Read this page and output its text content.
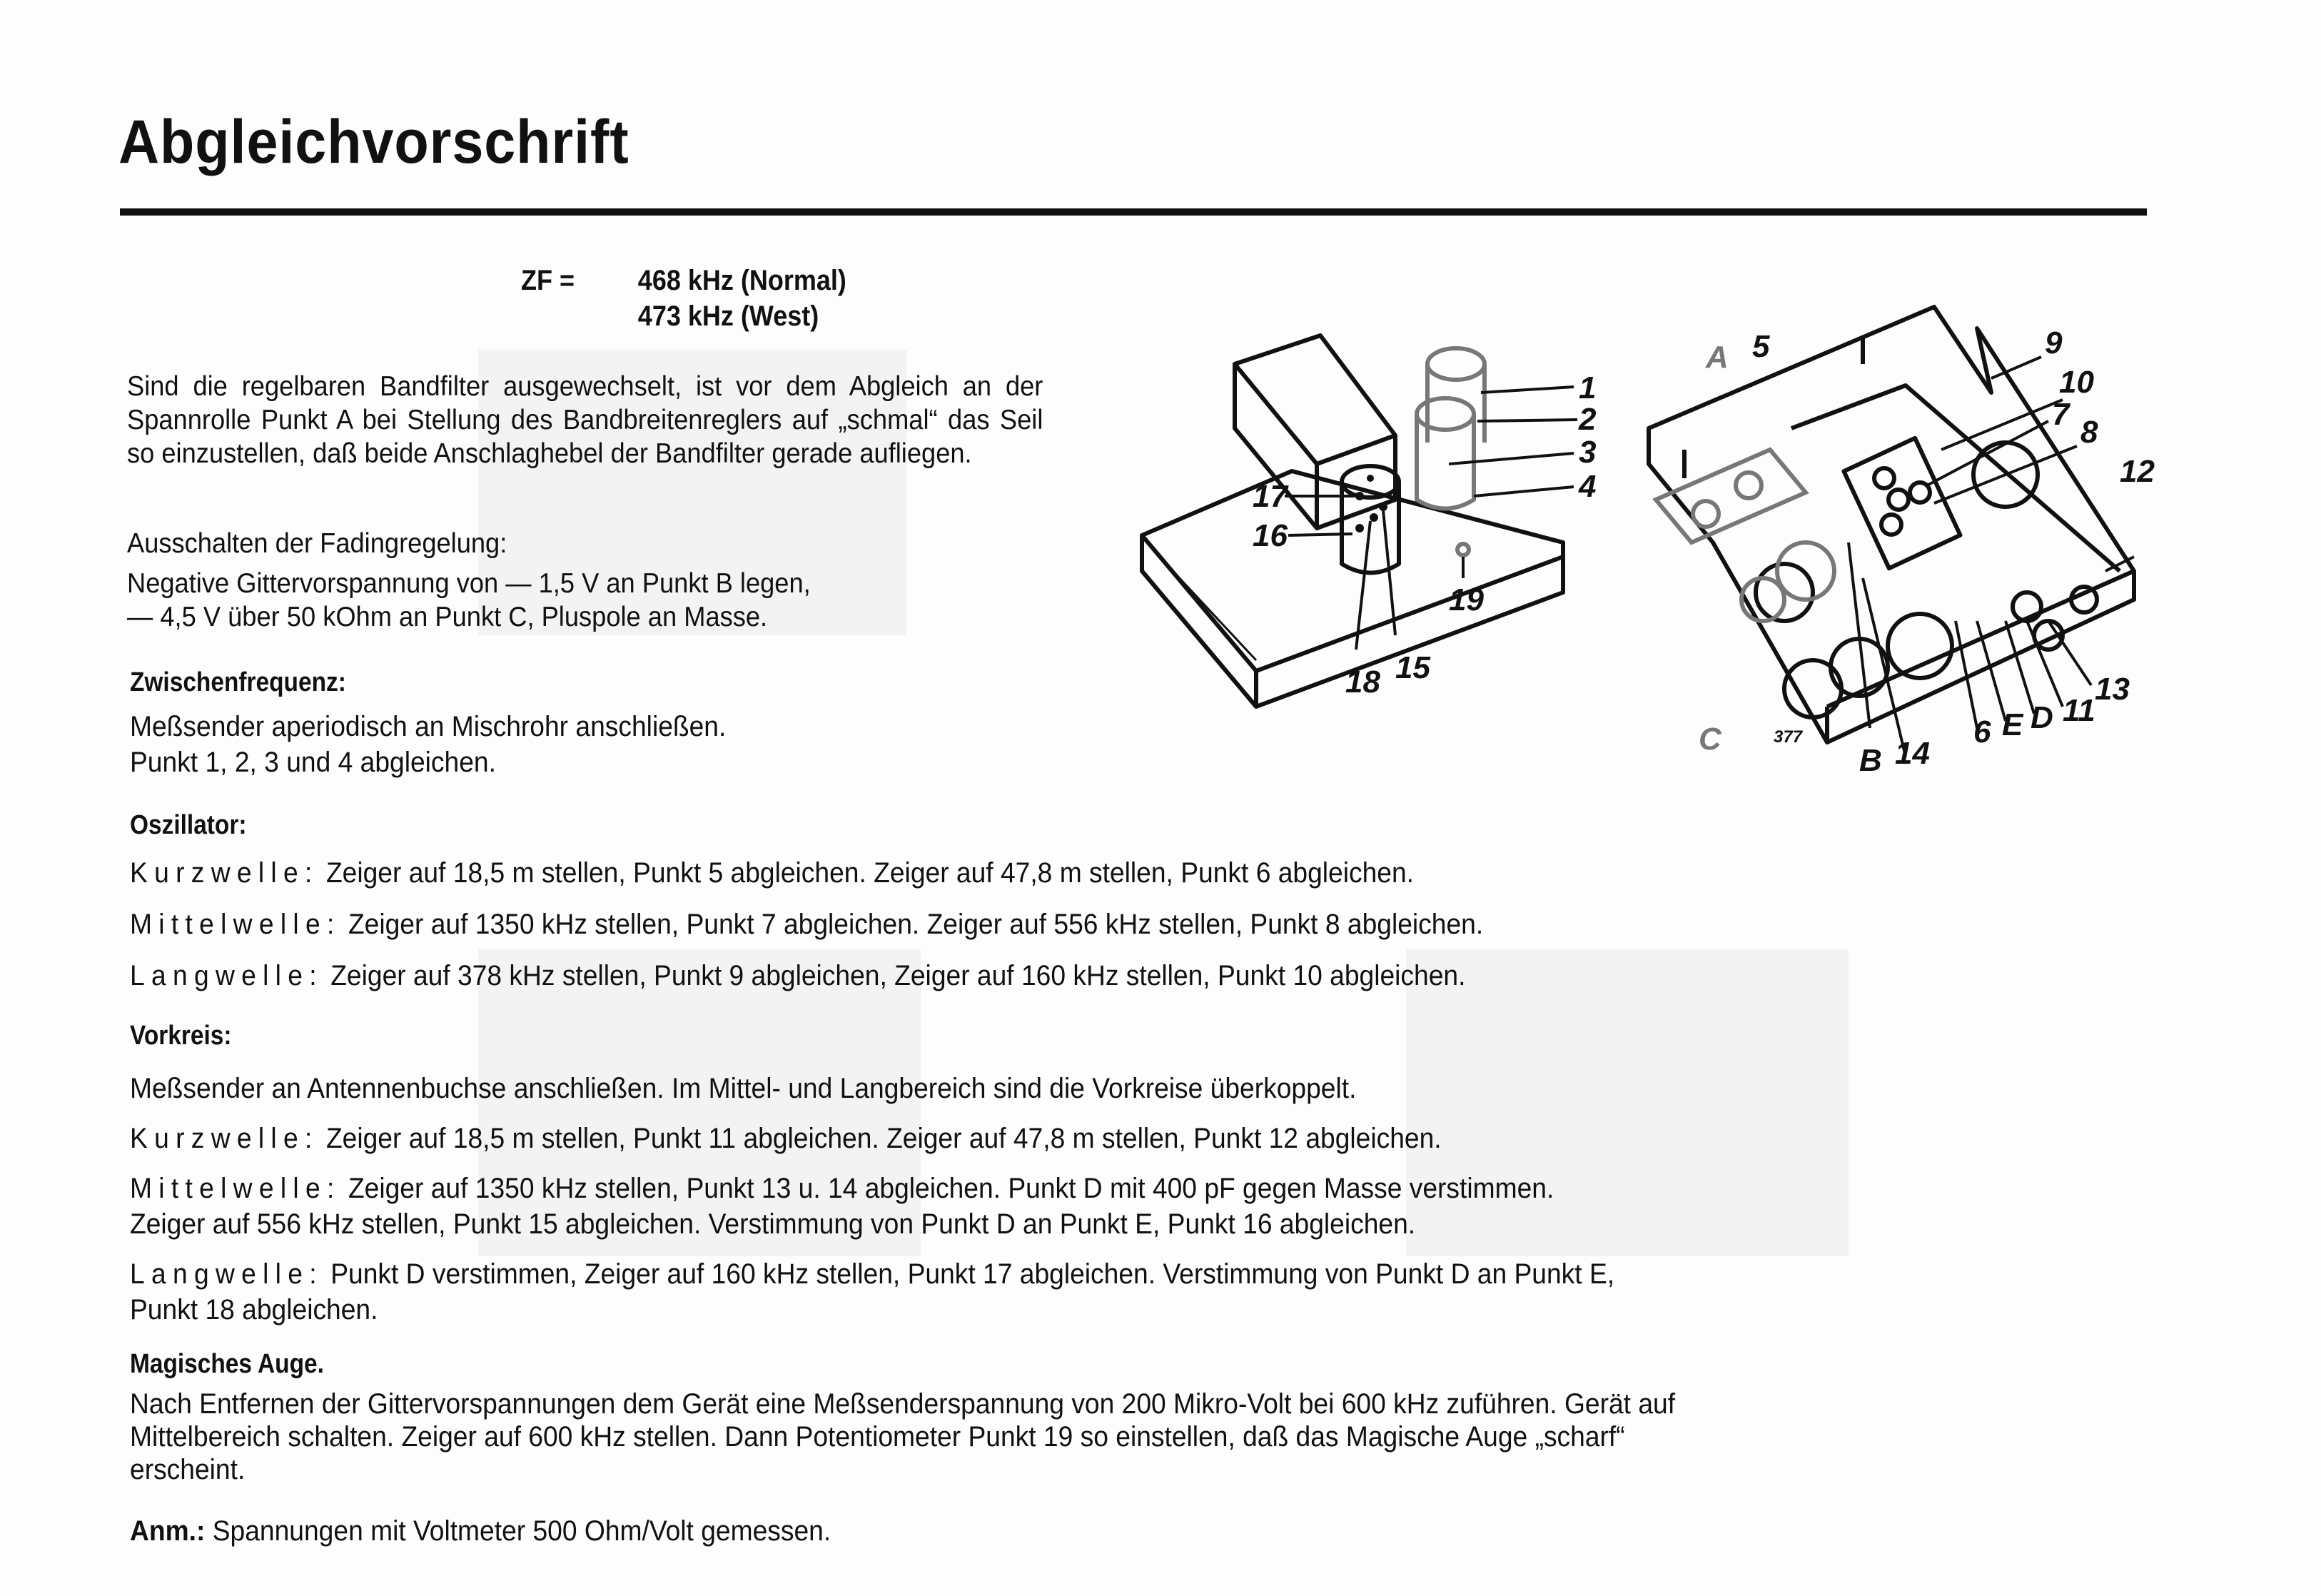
Abgleichvorschrift
ZF =	468 kHz (Normal)
473 kHz (West)
Sind die regelbaren Bandfilter ausgewechselt, ist vor dem Abgleich an der Spannrolle Punkt A bei Stellung des Bandbreitenreglers auf „schmal“ das Seil so einzustellen, daß beide Anschlaghebel der Bandfilter gerade aufliegen.
Ausschalten der Fadingregelung:
Negative Gittervorspannung von — 1,5 V an Punkt B legen,
— 4,5 V über 50 kOhm an Punkt C, Pluspole an Masse.
Zwischenfrequenz:
Meßsender aperiodisch an Mischrohr anschließen.
Punkt 1, 2, 3 und 4 abgleichen.
Oszillator:
Kurzwelle: Zeiger auf 18,5 m stellen, Punkt 5 abgleichen. Zeiger auf 47,8 m stellen, Punkt 6 abgleichen.
Mittelwelle: Zeiger auf 1350 kHz stellen, Punkt 7 abgleichen. Zeiger auf 556 kHz stellen, Punkt 8 abgleichen.
Langwelle: Zeiger auf 378 kHz stellen, Punkt 9 abgleichen, Zeiger auf 160 kHz stellen, Punkt 10 abgleichen.
Vorkreis:
Meßsender an Antennenbuchse anschließen. Im Mittel- und Langbereich sind die Vorkreise überkoppelt.
Kurzwelle: Zeiger auf 18,5 m stellen, Punkt 11 abgleichen. Zeiger auf 47,8 m stellen, Punkt 12 abgleichen.
Mittelwelle: Zeiger auf 1350 kHz stellen, Punkt 13 u. 14 abgleichen. Punkt D mit 400 pF gegen Masse verstimmen.
Zeiger auf 556 kHz stellen, Punkt 15 abgleichen. Verstimmung von Punkt D an Punkt E, Punkt 16 abgleichen.
Langwelle: Punkt D verstimmen, Zeiger auf 160 kHz stellen, Punkt 17 abgleichen. Verstimmung von Punkt D an Punkt E,
Punkt 18 abgleichen.
Magisches Auge.
Nach Entfernen der Gittervorspannungen dem Gerät eine Meßsenderspannung von 200 Mikro-Volt bei 600 kHz zuführen. Gerät auf
Mittelbereich schalten. Zeiger auf 600 kHz stellen. Dann Potentiometer Punkt 19 so einstellen, daß das Magische Auge „scharf“
erscheint.
Anm.: Spannungen mit Voltmeter 500 Ohm/Volt gemessen.
1
2
3
4
15
16
17
18
19
A
C
5	9
10
7
8
12
13
11
D
E
6
14
B
377
